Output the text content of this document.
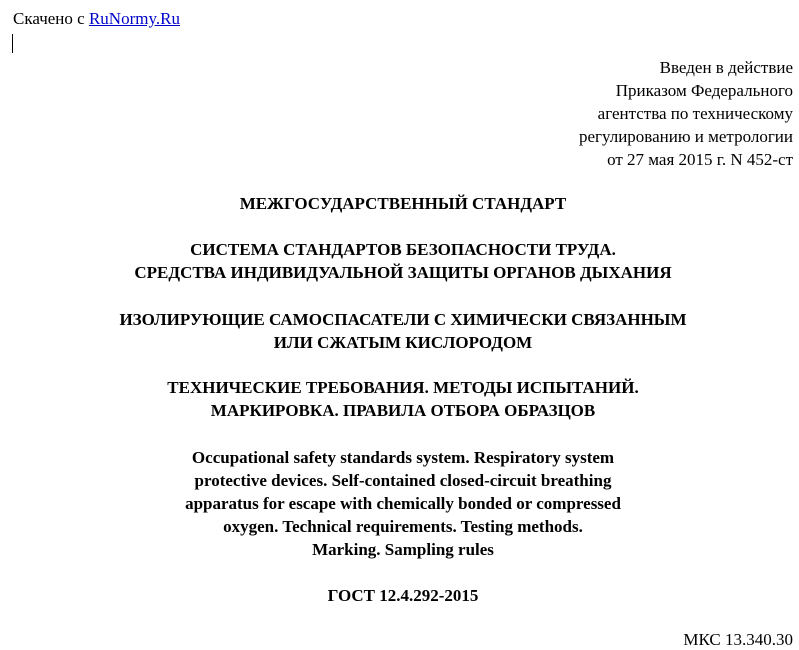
Скачено с RuNormy.Ru
Введен в действие
Приказом Федерального
агентства по техническому
регулированию и метрологии
от 27 мая 2015 г. N 452-ст
МЕЖГОСУДАРСТВЕННЫЙ СТАНДАРТ
СИСТЕМА СТАНДАРТОВ БЕЗОПАСНОСТИ ТРУДА.
СРЕДСТВА ИНДИВИДУАЛЬНОЙ ЗАЩИТЫ ОРГАНОВ ДЫХАНИЯ
ИЗОЛИРУЮЩИЕ САМОСПАСАТЕЛИ С ХИМИЧЕСКИ СВЯЗАННЫМ
ИЛИ СЖАТЫМ КИСЛОРОДОМ
ТЕХНИЧЕСКИЕ ТРЕБОВАНИЯ. МЕТОДЫ ИСПЫТАНИЙ.
МАРКИРОВКА. ПРАВИЛА ОТБОРА ОБРАЗЦОВ
Occupational safety standards system. Respiratory system
protective devices. Self-contained closed-circuit breathing
apparatus for escape with chemically bonded or compressed
oxygen. Technical requirements. Testing methods.
Marking. Sampling rules
ГОСТ 12.4.292-2015
МКС 13.340.30
